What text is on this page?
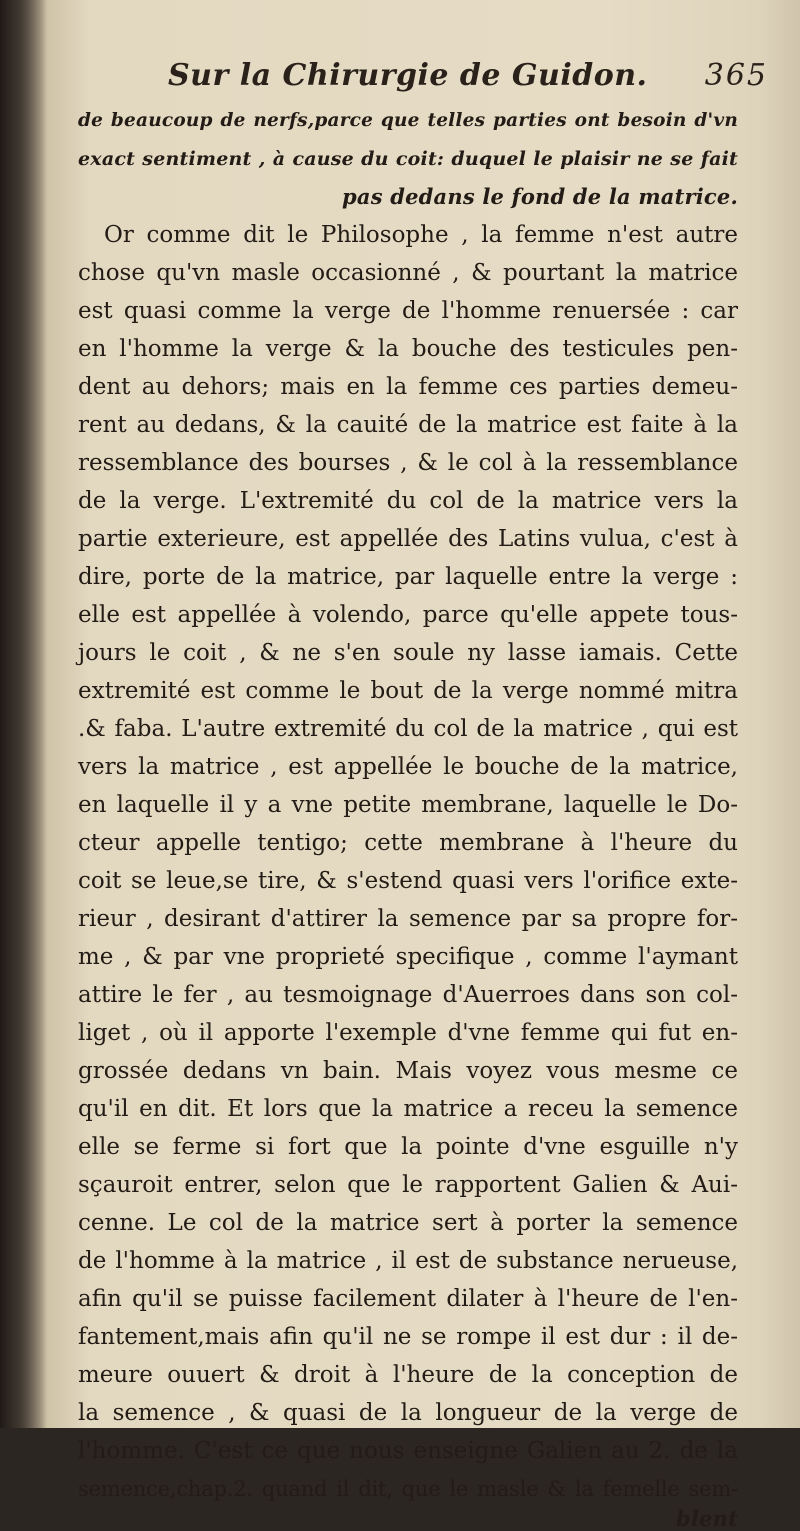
Sur la Chirurgie de Guidon. 365
de beaucoup de nerfs,parce que telles parties ont besoin d'vn
exact sentiment , à cause du coit: duquel le plaisir ne se fait
pas dedans le fond de la matrice.
Or comme dit le Philosophe , la femme n'est autre
chose qu'vn masle occasionné , & pourtant la matrice
est quasi comme la verge de l'homme renuersée : car
en l'homme la verge & la bouche des testicules pen-
dent au dehors; mais en la femme ces parties demeu-
rent au dedans, & la cauité de la matrice est faite à la
ressemblance des bourses , & le col à la ressemblance
de la verge. L'extremité du col de la matrice vers la
partie exterieure, est appellée des Latins vulua, c'est à
dire, porte de la matrice, par laquelle entre la verge :
elle est appellée à volendo, parce qu'elle appete tous-
jours le coit , & ne s'en soule ny lasse iamais. Cette
extremité est comme le bout de la verge nommé mitra
.& faba. L'autre extremité du col de la matrice , qui est
vers la matrice , est appellée le bouche de la matrice,
en laquelle il y a vne petite membrane, laquelle le Do-
cteur appelle tentigo; cette membrane à l'heure du
coit se leue,se tire, & s'estend quasi vers l'orifice exte-
rieur , desirant d'attirer la semence par sa propre for-
me , & par vne proprieté specifique , comme l'aymant
attire le fer , au tesmoignage d'Auerroes dans son col-
liget , où il apporte l'exemple d'vne femme qui fut en-
grossée dedans vn bain. Mais voyez vous mesme ce
qu'il en dit. Et lors que la matrice a receu la semence
elle se ferme si fort que la pointe d'vne esguille n'y
sçauroit entrer, selon que le rapportent Galien & Aui-
cenne. Le col de la matrice sert à porter la semence
de l'homme à la matrice , il est de substance nerueuse,
afin qu'il se puisse facilement dilater à l'heure de l'en-
fantement,mais afin qu'il ne se rompe il est dur : il de-
meure ouuert & droit à l'heure de la conception de
la semence , & quasi de la longueur de la verge de
l'homme. C'est ce que nous enseigne Galien au 2. de la
semence,chap.2. quand il dit, que le masle & la femelle sem-
blent
